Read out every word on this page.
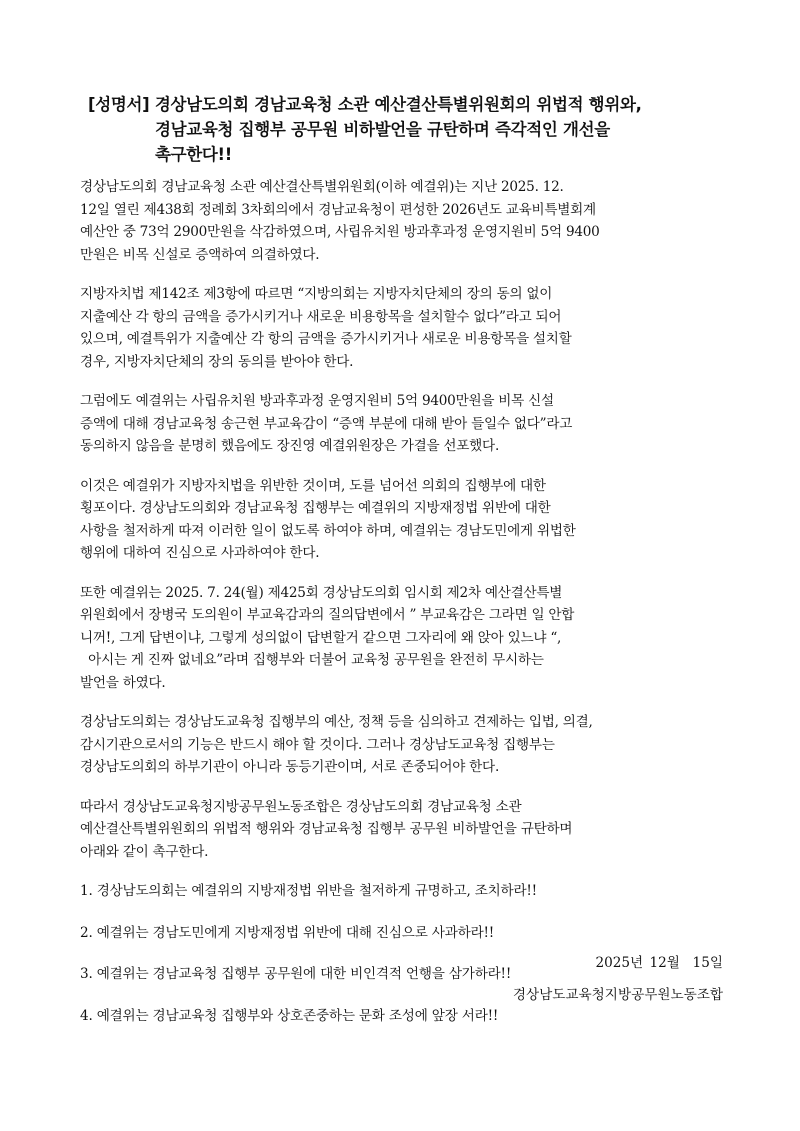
[성명서] 경상남도의회 경남교육청 소관 예산결산특별위원회의 위법적 행위와,
경남교육청 집행부 공무원 비하발언을 규탄하며 즉각적인 개선을
촉구한다!!

경상남도의회 경남교육청 소관 예산결산특별위원회(이하 예결위)는 지난 2025. 12.
12일 열린 제438회 정례회 3차회의에서 경남교육청이 편성한 2026년도 교육비특별회계
예산안 중 73억 2900만원을 삭감하였으며, 사립유치원 방과후과정 운영지원비 5억 9400
만원은 비목 신설로 증액하여 의결하였다.

지방자치법 제142조 제3항에 따르면 “지방의회는 지방자치단체의 장의 동의 없이
지출예산 각 항의 금액을 증가시키거나 새로운 비용항목을 설치할수 없다”라고 되어
있으며, 예결특위가 지출예산 각 항의 금액을 증가시키거나 새로운 비용항목을 설치할
경우, 지방자치단체의 장의 동의를 받아야 한다.

그럼에도 예결위는 사립유치원 방과후과정 운영지원비 5억 9400만원을 비목 신설
증액에 대해 경남교육청 송근현 부교육감이 “증액 부분에 대해 받아 들일수 없다”라고
동의하지 않음을 분명히 했음에도 장진영 예결위원장은 가결을 선포했다.

이것은 예결위가 지방자치법을 위반한 것이며, 도를 넘어선 의회의 집행부에 대한
횡포이다. 경상남도의회와 경남교육청 집행부는 예결위의 지방재정법 위반에 대한
사항을 철저하게 따져 이러한 일이 없도록 하여야 하며, 예결위는 경남도민에게 위법한
행위에 대하여 진심으로 사과하여야 한다.

또한 예결위는 2025. 7. 24(월) 제425회 경상남도의회 임시회 제2차 예산결산특별
위원회에서 장병국 도의원이 부교육감과의 질의답변에서 ” 부교육감은 그라면 일 안합
니꺼!, 그게 답변이냐, 그렇게 성의없이 답변할거 같으면 그자리에 왜 앉아 있느냐 “,
아시는 게 진짜 없네요”라며 집행부와 더불어 교육청 공무원을 완전히 무시하는
발언을 하였다.

경상남도의회는 경상남도교육청 집행부의 예산, 정책 등을 심의하고 견제하는 입법, 의결,
감시기관으로서의 기능은 반드시 해야 할 것이다. 그러나 경상남도교육청 집행부는
경상남도의회의 하부기관이 아니라 동등기관이며, 서로 존중되어야 한다.

따라서 경상남도교육청지방공무원노동조합은 경상남도의회 경남교육청 소관
예산결산특별위원회의 위법적 행위와 경남교육청 집행부 공무원 비하발언을 규탄하며
아래와 같이 촉구한다.

1. 경상남도의회는 예결위의 지방재정법 위반을 철저하게 규명하고, 조치하라!!

2. 예결위는 경남도민에게 지방재정법 위반에 대해 진심으로 사과하라!!

3. 예결위는 경남교육청 집행부 공무원에 대한 비인격적 언행을 삼가하라!!

4. 예결위는 경남교육청 집행부와 상호존중하는 문화 조성에 앞장 서라!!

2025년 12월  15일
경상남도교육청지방공무원노동조합
